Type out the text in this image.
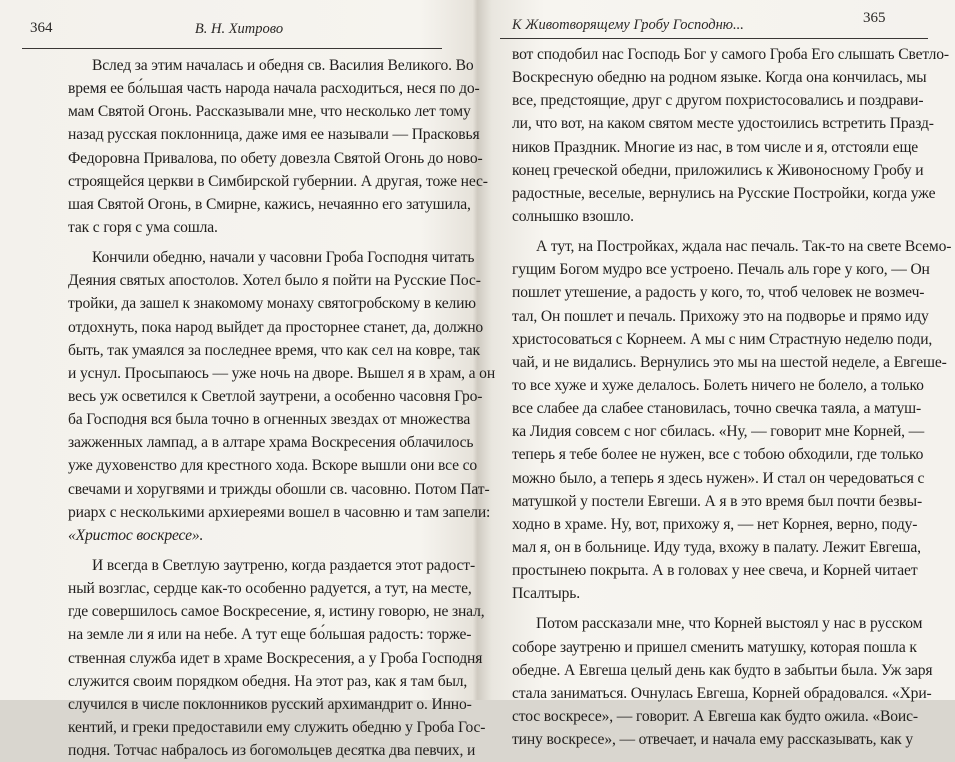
364	В. Н. Хитрово
Вслед за этим началась и обедня св. Василия Великого. Во
время ее бо́льшая часть народа начала расходиться, неся по до-
мам Святой Огонь. Рассказывали мне, что несколько лет тому
назад русская поклонница, даже имя ее называли — Прасковья
Федоровна Привалова, по обету довезла Святой Огонь до ново-
строящейся церкви в Симбирской губернии. А другая, тоже нес-
шая Святой Огонь, в Смирне, кажись, нечаянно его затушила,
так с горя с ума сошла.
Кончили обедню, начали у часовни Гроба Господня читать
Деяния святых апостолов. Хотел было я пойти на Русские Пос-
тройки, да зашел к знакомому монаху святогробскому в келию
отдохнуть, пока народ выйдет да просторнее станет, да, должно
быть, так умаялся за последнее время, что как сел на ковре, так
и уснул. Просыпаюсь — уже ночь на дворе. Вышел я в храм, а он
весь уж осветился к Светлой заутрени, а особенно часовня Гро-
ба Господня вся была точно в огненных звездах от множества
зажженных лампад, а в алтаре храма Воскресения облачилось
уже духовенство для крестного хода. Вскоре вышли они все со
свечами и хоругвями и трижды обошли св. часовню. Потом Пат-
риарх с несколькими архиереями вошел в часовню и там запели:
«Христос воскресе».
И всегда в Светлую заутреню, когда раздается этот радост-
ный возглас, сердце как-то особенно радуется, а тут, на месте,
где совершилось самое Воскресение, я, истину говорю, не знал,
на земле ли я или на небе. А тут еще бо́льшая радость: торже-
ственная служба идет в храме Воскресения, а у Гроба Господня
служится своим порядком обедня. На этот раз, как я там был,
случился в числе поклонников русский архимандрит о. Инно-
кентий, и греки предоставили ему служить обедню у Гроба Гос-
подня. Тотчас набралось из богомольцев десятка два певчих, и
К Животворящему Гробу Господню...	365
вот сподобил нас Господь Бог у самого Гроба Его слышать Светло-
Воскресную обедню на родном языке. Когда она кончилась, мы
все, предстоящие, друг с другом похристосовались и поздрави-
ли, что вот, на каком святом месте удостоились встретить Празд-
ников Праздник. Многие из нас, в том числе и я, отстояли еще
конец греческой обедни, приложились к Живоносному Гробу и
радостные, веселые, вернулись на Русские Постройки, когда уже
солнышко взошло.
А тут, на Постройках, ждала нас печаль. Так-то на свете Всемо-
гущим Богом мудро все устроено. Печаль аль горе у кого, — Он
пошлет утешение, а радость у кого, то, чтоб человек не возмеч-
тал, Он пошлет и печаль. Прихожу это на подворье и прямо иду
христосоваться с Корнеем. А мы с ним Страстную неделю поди,
чай, и не видались. Вернулись это мы на шестой неделе, а Евгеше-
то все хуже и хуже делалось. Болеть ничего не болело, а только
все слабее да слабее становилась, точно свечка таяла, а матуш-
ка Лидия совсем с ног сбилась. «Ну, — говорит мне Корней, —
теперь я тебе более не нужен, все с тобою обходили, где только
можно было, а теперь я здесь нужен». И стал он чередоваться с
матушкой у постели Евгеши. А я в это время был почти безвы-
ходно в храме. Ну, вот, прихожу я, — нет Корнея, верно, поду-
мал я, он в больнице. Иду туда, вхожу в палату. Лежит Евгеша,
простынею покрыта. А в головах у нее свеча, и Корней читает
Псалтырь.
Потом рассказали мне, что Корней выстоял у нас в русском
соборе заутреню и пришел сменить матушку, которая пошла к
обедне. А Евгеша целый день как будто в забытьи была. Уж заря
стала заниматься. Очнулась Евгеша, Корней обрадовался. «Хри-
стос воскресе», — говорит. А Евгеша как будто ожила. «Воис-
тину воскресе», — отвечает, и начала ему рассказывать, как у
